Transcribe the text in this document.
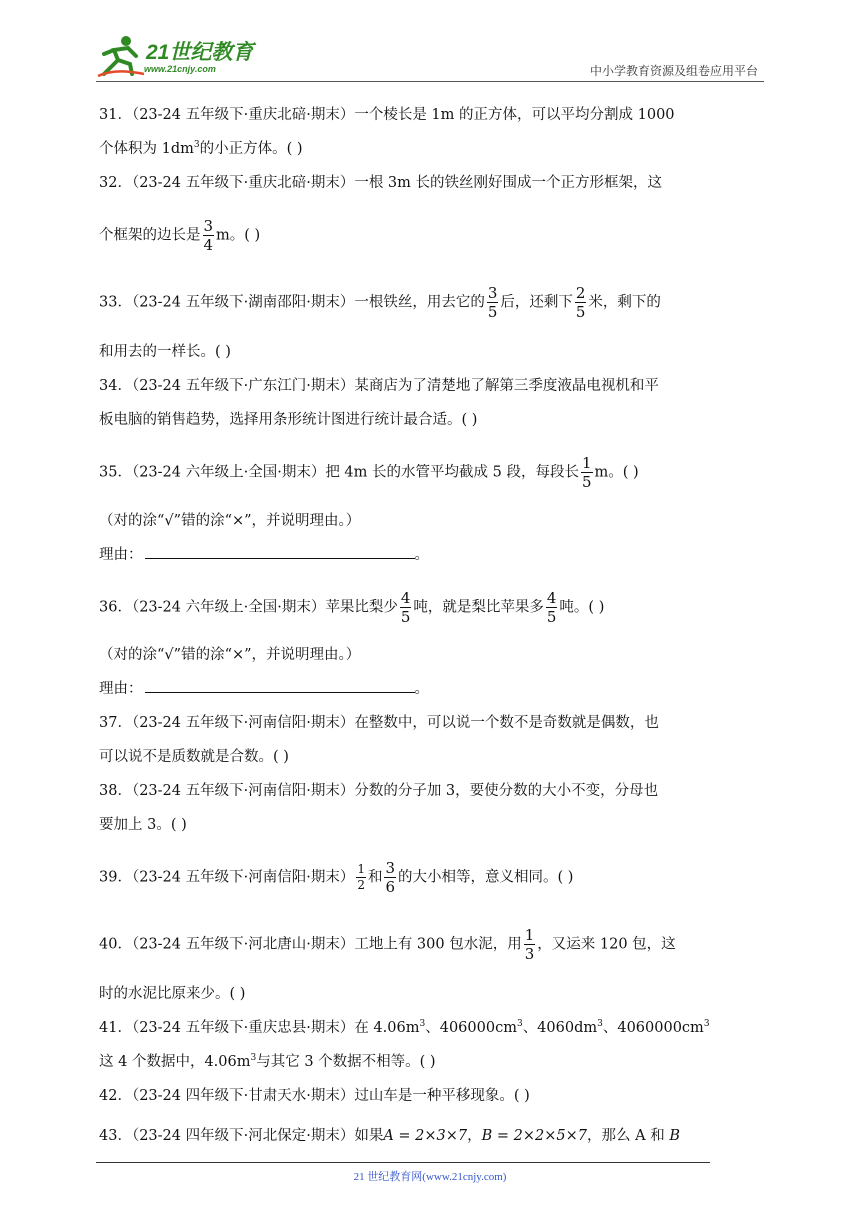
21世纪教育
www.21cnjy.com	中小学教育资源及组卷应用平台
31．（23-24 五年级下·重庆北碚·期末）一个棱长是 1m 的正方体，可以平均分割成 1000
个体积为 $1dm^3$的小正方体。( )
32．（23-24 五年级下·重庆北碚·期末）一根 3m 长的铁丝刚好围成一个正方形框架，这
个框架的边长是 $\frac{3}{4}$ m。( )
33．（23-24 五年级下·湖南邵阳·期末）一根铁丝，用去它的 $\frac{3}{5}$ 后，还剩下 $\frac{2}{5}$ 米，剩下的
和用去的一样长。( )
34．（23-24 五年级下·广东江门·期末）某商店为了清楚地了解第三季度液晶电视机和平
板电脑的销售趋势，选择用条形统计图进行统计最合适。( )
35．（23-24 六年级上·全国·期末）把 4m 长的水管平均截成 5 段，每段长 $\frac{1}{5}$ m。( )
（对的涂“√”错的涂“×”，并说明理由。）
理由：	。
36．（23-24 六年级上·全国·期末）苹果比梨少 $\frac{4}{5}$ 吨，就是梨比苹果多 $\frac{4}{5}$ 吨。( )
（对的涂“√”错的涂“×”，并说明理由。）
理由：	。
37．（23-24 五年级下·河南信阳·期末）在整数中，可以说一个数不是奇数就是偶数，也
可以说不是质数就是合数。( )
38．（23-24 五年级下·河南信阳·期末）分数的分子加 3，要使分数的大小不变，分母也
要加上 3。( )
39．（23-24 五年级下·河南信阳·期末） $\frac{1}{2}$ 和 $\frac{3}{6}$ 的大小相等，意义相同。( )
40．（23-24 五年级下·河北唐山·期末）工地上有 300 包水泥，用 $\frac{1}{3}$ ，又运来 120 包，这
时的水泥比原来少。( )
41．（23-24 五年级下·重庆忠县·期末）在 $4.06m^3$、$406000cm^3$、$4060dm^3$、$4060000cm^3$
这 4 个数据中，$4.06m^3$与其它 3 个数据不相等。( )
42．（23-24 四年级下·甘肃天水·期末）过山车是一种平移现象。( )
43．（23-24 四年级下·河北保定·期末）如果A = 2×3×7，B = 2×2×5×7，那么 A 和 B
21 世纪教育网(www.21cnjy.com)
